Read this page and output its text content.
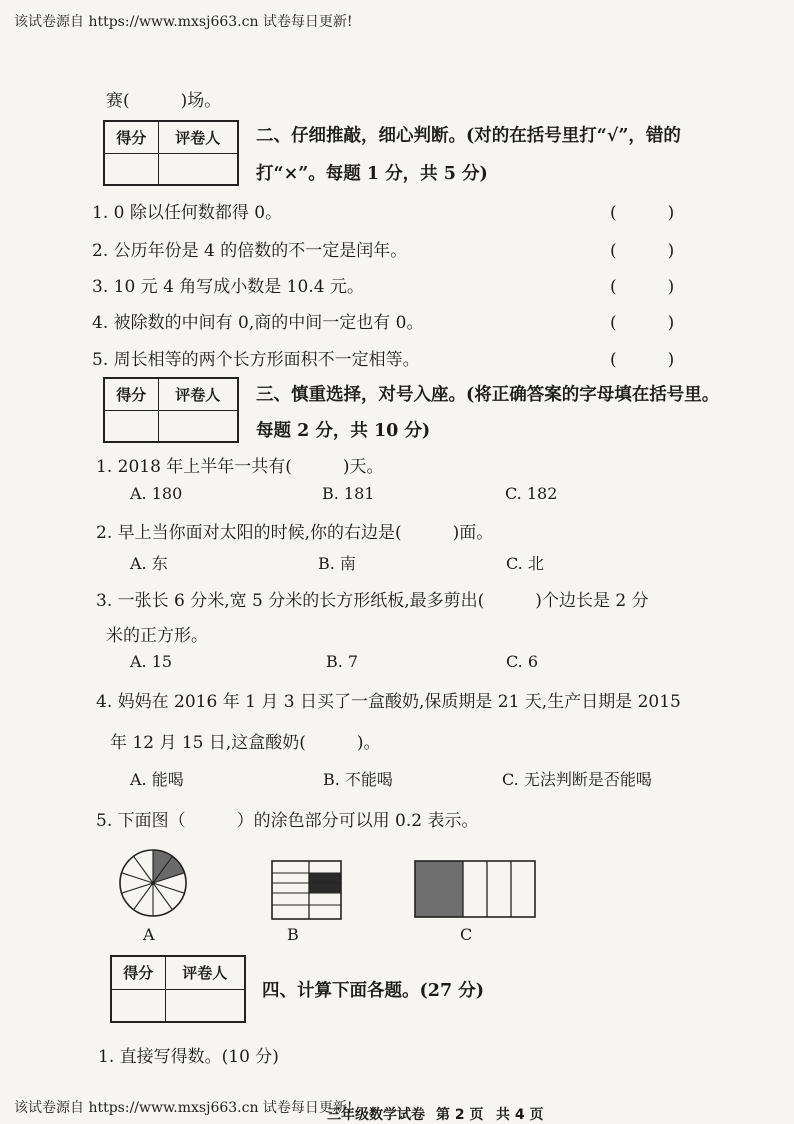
该试卷源自 https://www.mxsj663.cn 试卷每日更新!
赛(　　　)场。
得分	评卷人
	二、仔细推敲，细心判断。(对的在括号里打“√”，错的
打“×”。每题 1 分，共 5 分)
1. 0 除以任何数都得 0。	(　　　)
2. 公历年份是 4 的倍数的不一定是闰年。	(　　　)
3. 10 元 4 角写成小数是 10.4 元。	(　　　)
4. 被除数的中间有 0,商的中间一定也有 0。	(　　　)
5. 周长相等的两个长方形面积不一定相等。	(　　　)
得分	评卷人
	三、慎重选择，对号入座。(将正确答案的字母填在括号里。
每题 2 分，共 10 分)
1. 2018 年上半年一共有(　　　)天。
A. 180	B. 181	C. 182
2. 早上当你面对太阳的时候,你的右边是(　　　)面。
A. 东	B. 南	C. 北
3. 一张长 6 分米,宽 5 分米的长方形纸板,最多剪出(　　　)个边长是 2 分
米的正方形。
A. 15	B. 7	C. 6
4. 妈妈在 2016 年 1 月 3 日买了一盒酸奶,保质期是 21 天,生产日期是 2015
年 12 月 15 日,这盒酸奶(　　　)。
A. 能喝	B. 不能喝	C. 无法判断是否能喝
5. 下面图（　　　）的涂色部分可以用 0.2 表示。
A	B	C
得分	评卷人

四、计算下面各题。(27 分)
1. 直接写得数。(10 分)
该试卷源自 https://www.mxsj663.cn 试卷每日更新!
三年级数学试卷 第 2 页 共 4 页
